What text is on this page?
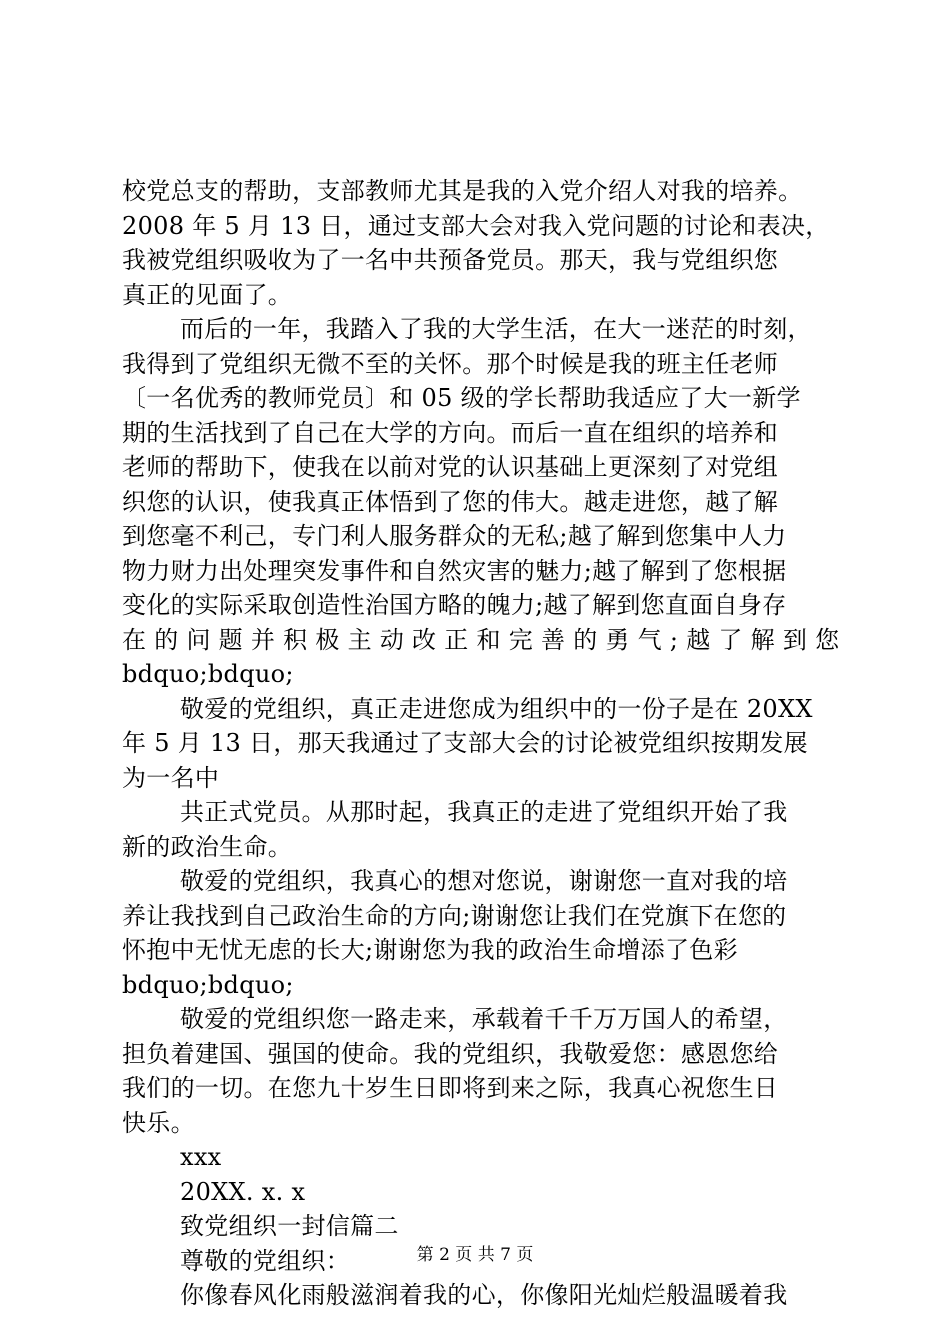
校党总支的帮助，支部教师尤其是我的入党介绍人对我的培养。
2008 年 5 月 13 日，通过支部大会对我入党问题的讨论和表决，
我被党组织吸收为了一名中共预备党员。那天，我与党组织您
真正的见面了。
而后的一年，我踏入了我的大学生活，在大一迷茫的时刻，
我得到了党组织无微不至的关怀。那个时候是我的班主任老师
〔一名优秀的教师党员〕和 05 级的学长帮助我适应了大一新学
期的生活找到了自己在大学的方向。而后一直在组织的培养和
老师的帮助下，使我在以前对党的认识基础上更深刻了对党组
织您的认识，使我真正体悟到了您的伟大。越走进您，越了解
到您毫不利己，专门利人服务群众的无私;越了解到您集中人力
物力财力出处理突发事件和自然灾害的魅力;越了解到了您根据
变化的实际采取创造性治国方略的魄力;越了解到您直面自身存
在 的 问 题 并 积 极 主 动 改 正 和 完 善 的 勇 气 ; 越 了 解 到 您
bdquo;bdquo;
敬爱的党组织，真正走进您成为组织中的一份子是在 20XX
年 5 月 13 日，那天我通过了支部大会的讨论被党组织按期发展
为一名中
共正式党员。从那时起，我真正的走进了党组织开始了我
新的政治生命。
敬爱的党组织，我真心的想对您说，谢谢您一直对我的培
养让我找到自己政治生命的方向;谢谢您让我们在党旗下在您的
怀抱中无忧无虑的长大;谢谢您为我的政治生命增添了色彩
bdquo;bdquo;
敬爱的党组织您一路走来，承载着千千万万国人的希望，
担负着建国、强国的使命。我的党组织，我敬爱您：感恩您给
我们的一切。在您九十岁生日即将到来之际，我真心祝您生日
快乐。
xxx
20XX. x. x
致党组织一封信篇二
尊敬的党组织：
你像春风化雨般滋润着我的心，你像阳光灿烂般温暖着我
第 2 页 共 7 页
